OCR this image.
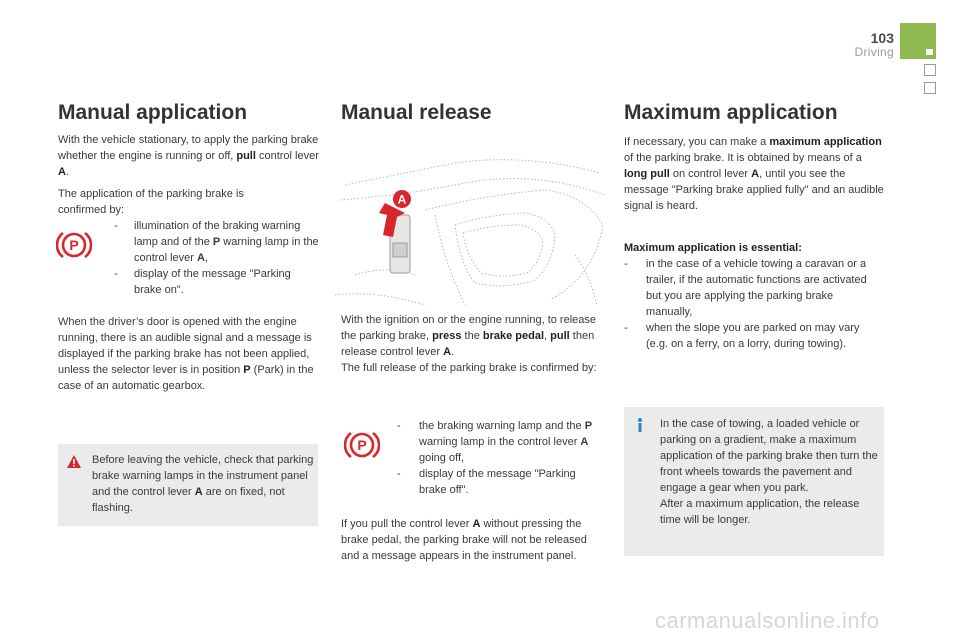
103
Driving
Manual application
With the vehicle stationary, to apply the parking brake whether the engine is running or off, pull control lever A.
The application of the parking brake is confirmed by:
P
-	illumination of the braking warning lamp and of the P warning lamp in the control lever A,
-	display of the message "Parking brake on".
When the driver’s door is opened with the engine running, there is an audible signal and a message is displayed if the parking brake has not been applied, unless the selector lever is in position P (Park) in the case of an automatic gearbox.
Before leaving the vehicle, check that parking brake warning lamps in the instrument panel and the control lever A are on fixed, not flashing.
Manual release
A
With the ignition on or the engine running, to release the parking brake, press the brake pedal, pull then release control lever A.
The full release of the parking brake is confirmed by:
P
-	the braking warning lamp and the P warning lamp in the control lever A going off,
-	display of the message "Parking brake off".
If you pull the control lever A without pressing the brake pedal, the parking brake will not be released and a message appears in the instrument panel.
Maximum application
If necessary, you can make a maximum application of the parking brake. It is obtained by means of a long pull on control lever A, until you see the message "Parking brake applied fully" and an audible signal is heard.
Maximum application is essential:
-	in the case of a vehicle towing a caravan or a trailer, if the automatic functions are activated but you are applying the parking brake manually,
-	when the slope you are parked on may vary (e.g. on a ferry, on a lorry, during towing).
In the case of towing, a loaded vehicle or parking on a gradient, make a maximum application of the parking brake then turn the front wheels towards the pavement and engage a gear when you park.
After a maximum application, the release time will be longer.
carmanualsonline.info
